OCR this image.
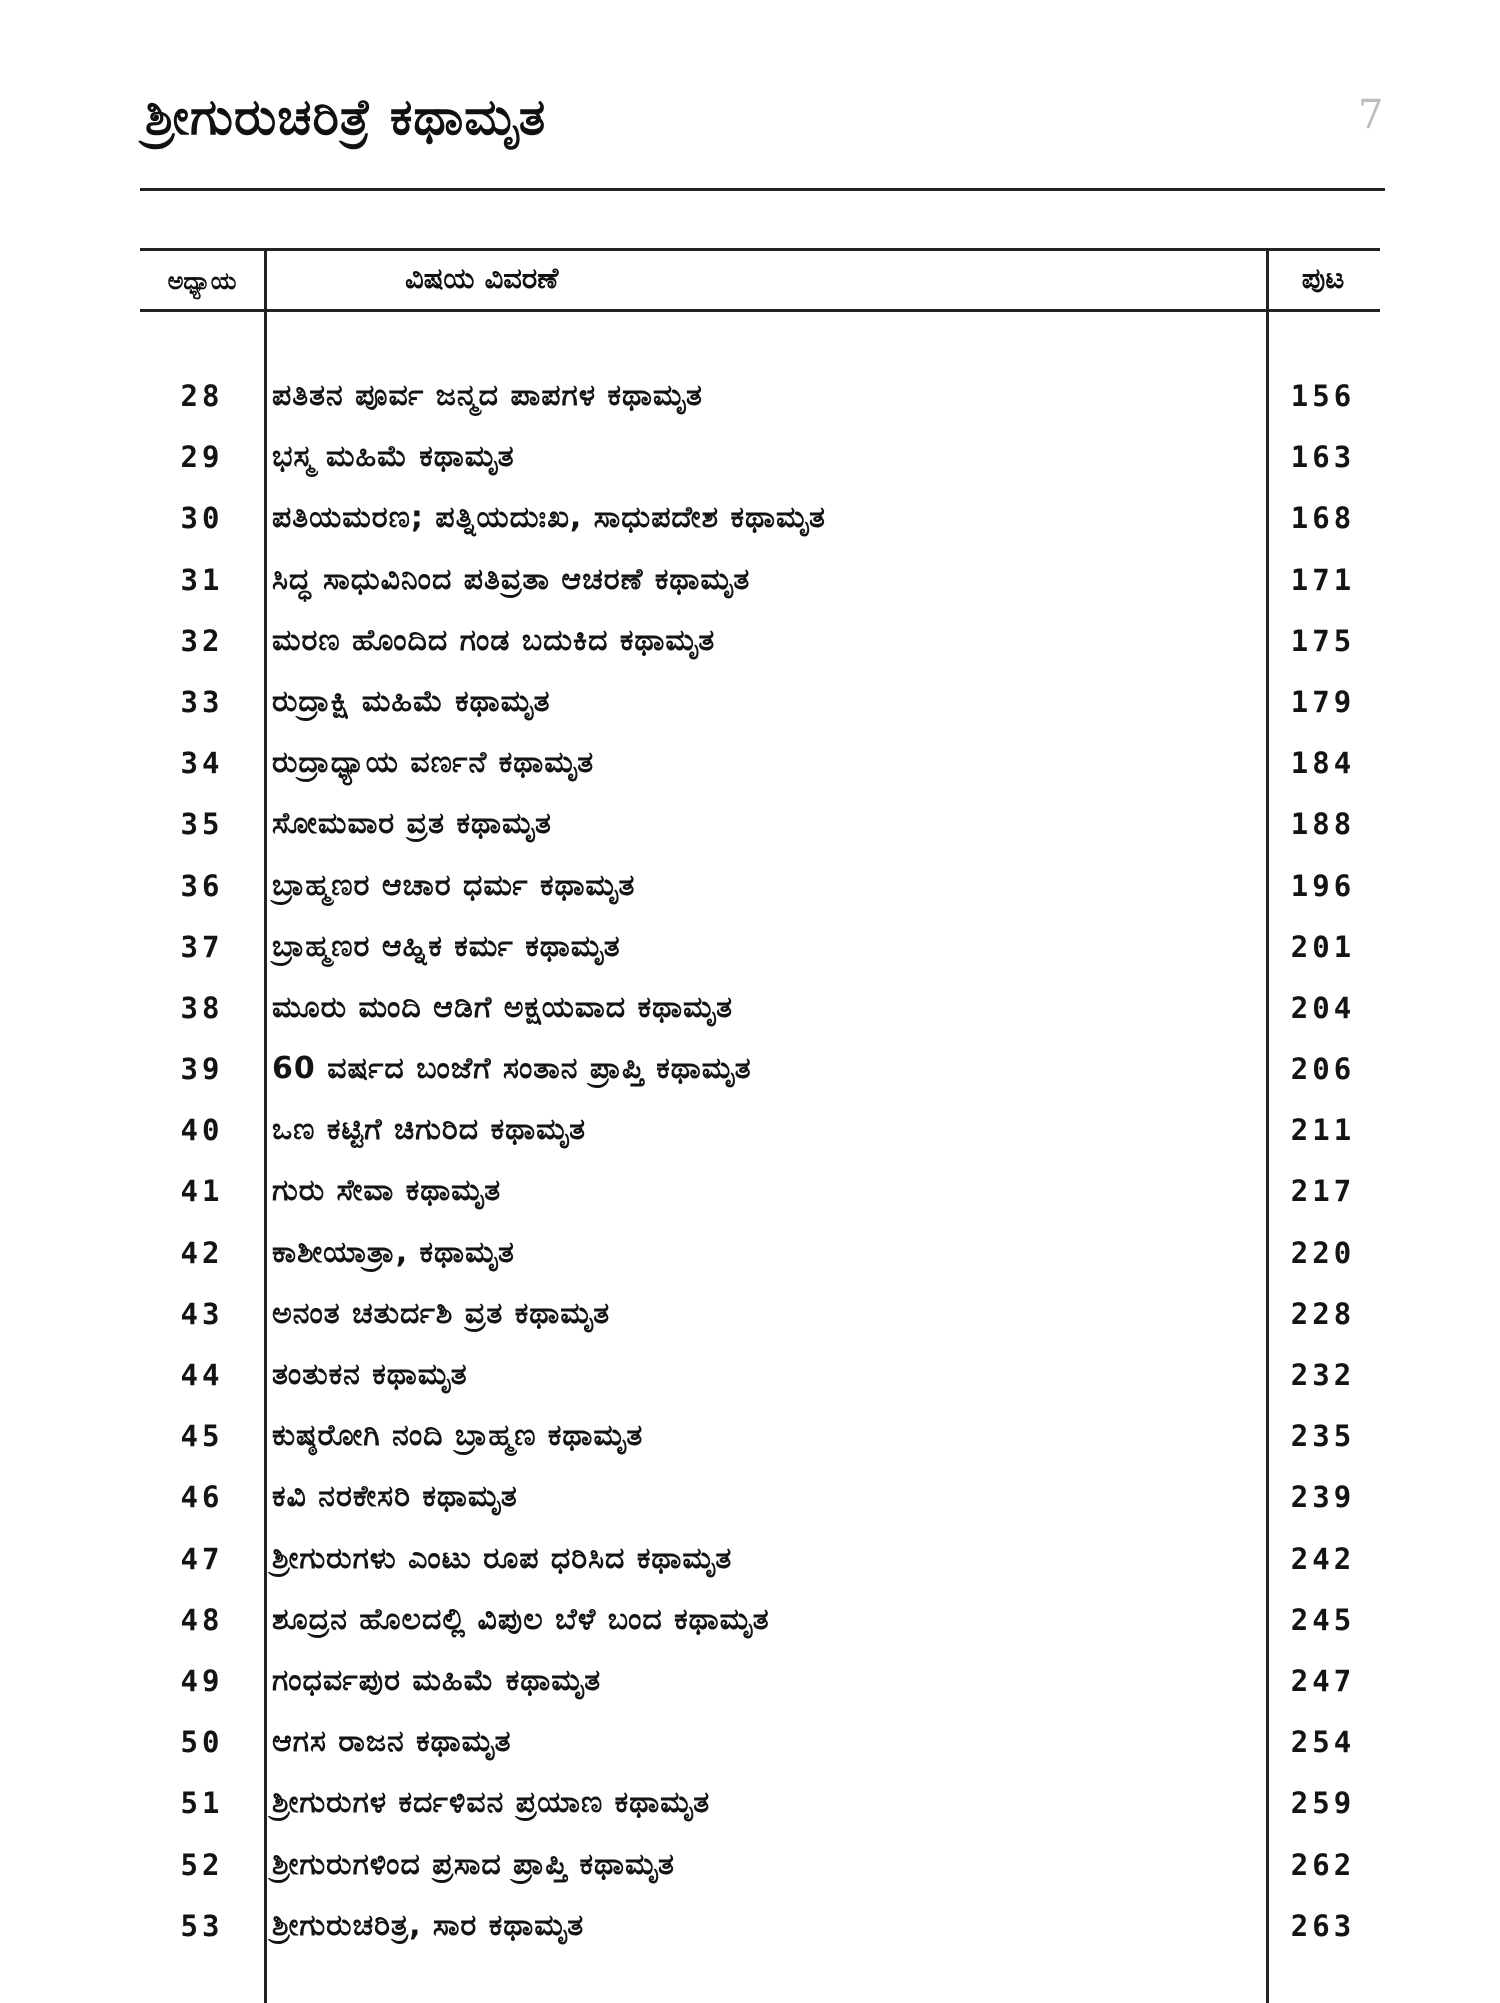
ಶ್ರೀಗುರುಚರಿತ್ರೆ ಕಥಾಮೃತ	7
ಅಧ್ಯಾಯ	ವಿಷಯ ವಿವರಣೆ	ಪುಟ
28	ಪತಿತನ ಪೂರ್ವ ಜನ್ಮದ ಪಾಪಗಳ ಕಥಾಮೃತ	156
29	ಭಸ್ಮ ಮಹಿಮೆ ಕಥಾಮೃತ	163
30	ಪತಿಯಮರಣ; ಪತ್ನಿಯದುಃಖ, ಸಾಧುಪದೇಶ ಕಥಾಮೃತ	168
31	ಸಿದ್ಧ ಸಾಧುವಿನಿಂದ ಪತಿವ್ರತಾ ಆಚರಣೆ ಕಥಾಮೃತ	171
32	ಮರಣ ಹೊಂದಿದ ಗಂಡ ಬದುಕಿದ ಕಥಾಮೃತ	175
33	ರುದ್ರಾಕ್ಷಿ ಮಹಿಮೆ ಕಥಾಮೃತ	179
34	ರುದ್ರಾಧ್ಯಾಯ ವರ್ಣನೆ ಕಥಾಮೃತ	184
35	ಸೋಮವಾರ ವ್ರತ ಕಥಾಮೃತ	188
36	ಬ್ರಾಹ್ಮಣರ ಆಚಾರ ಧರ್ಮ ಕಥಾಮೃತ	196
37	ಬ್ರಾಹ್ಮಣರ ಆಹ್ನಿಕ ಕರ್ಮ ಕಥಾಮೃತ	201
38	ಮೂರು ಮಂದಿ ಆಡಿಗೆ ಅಕ್ಷಯವಾದ ಕಥಾಮೃತ	204
39	60 ವರ್ಷದ ಬಂಜೆಗೆ ಸಂತಾನ ಪ್ರಾಪ್ತಿ ಕಥಾಮೃತ	206
40	ಒಣ ಕಟ್ಟಿಗೆ ಚಿಗುರಿದ ಕಥಾಮೃತ	211
41	ಗುರು ಸೇವಾ ಕಥಾಮೃತ	217
42	ಕಾಶೀಯಾತ್ರಾ, ಕಥಾಮೃತ	220
43	ಅನಂತ ಚತುರ್ದಶಿ ವ್ರತ ಕಥಾಮೃತ	228
44	ತಂತುಕನ ಕಥಾಮೃತ	232
45	ಕುಷ್ಠರೋಗಿ ನಂದಿ ಬ್ರಾಹ್ಮಣ ಕಥಾಮೃತ	235
46	ಕವಿ ನರಕೇಸರಿ ಕಥಾಮೃತ	239
47	ಶ್ರೀಗುರುಗಳು ಎಂಟು ರೂಪ ಧರಿಸಿದ ಕಥಾಮೃತ	242
48	ಶೂದ್ರನ ಹೊಲದಲ್ಲಿ ವಿಪುಲ ಬೆಳೆ ಬಂದ ಕಥಾಮೃತ	245
49	ಗಂಧರ್ವಪುರ ಮಹಿಮೆ ಕಥಾಮೃತ	247
50	ಆಗಸ ರಾಜನ ಕಥಾಮೃತ	254
51	ಶ್ರೀಗುರುಗಳ ಕರ್ದಳಿವನ ಪ್ರಯಾಣ ಕಥಾಮೃತ	259
52	ಶ್ರೀಗುರುಗಳಿಂದ ಪ್ರಸಾದ ಪ್ರಾಪ್ತಿ ಕಥಾಮೃತ	262
53	ಶ್ರೀಗುರುಚರಿತ್ರ, ಸಾರ ಕಥಾಮೃತ	263
